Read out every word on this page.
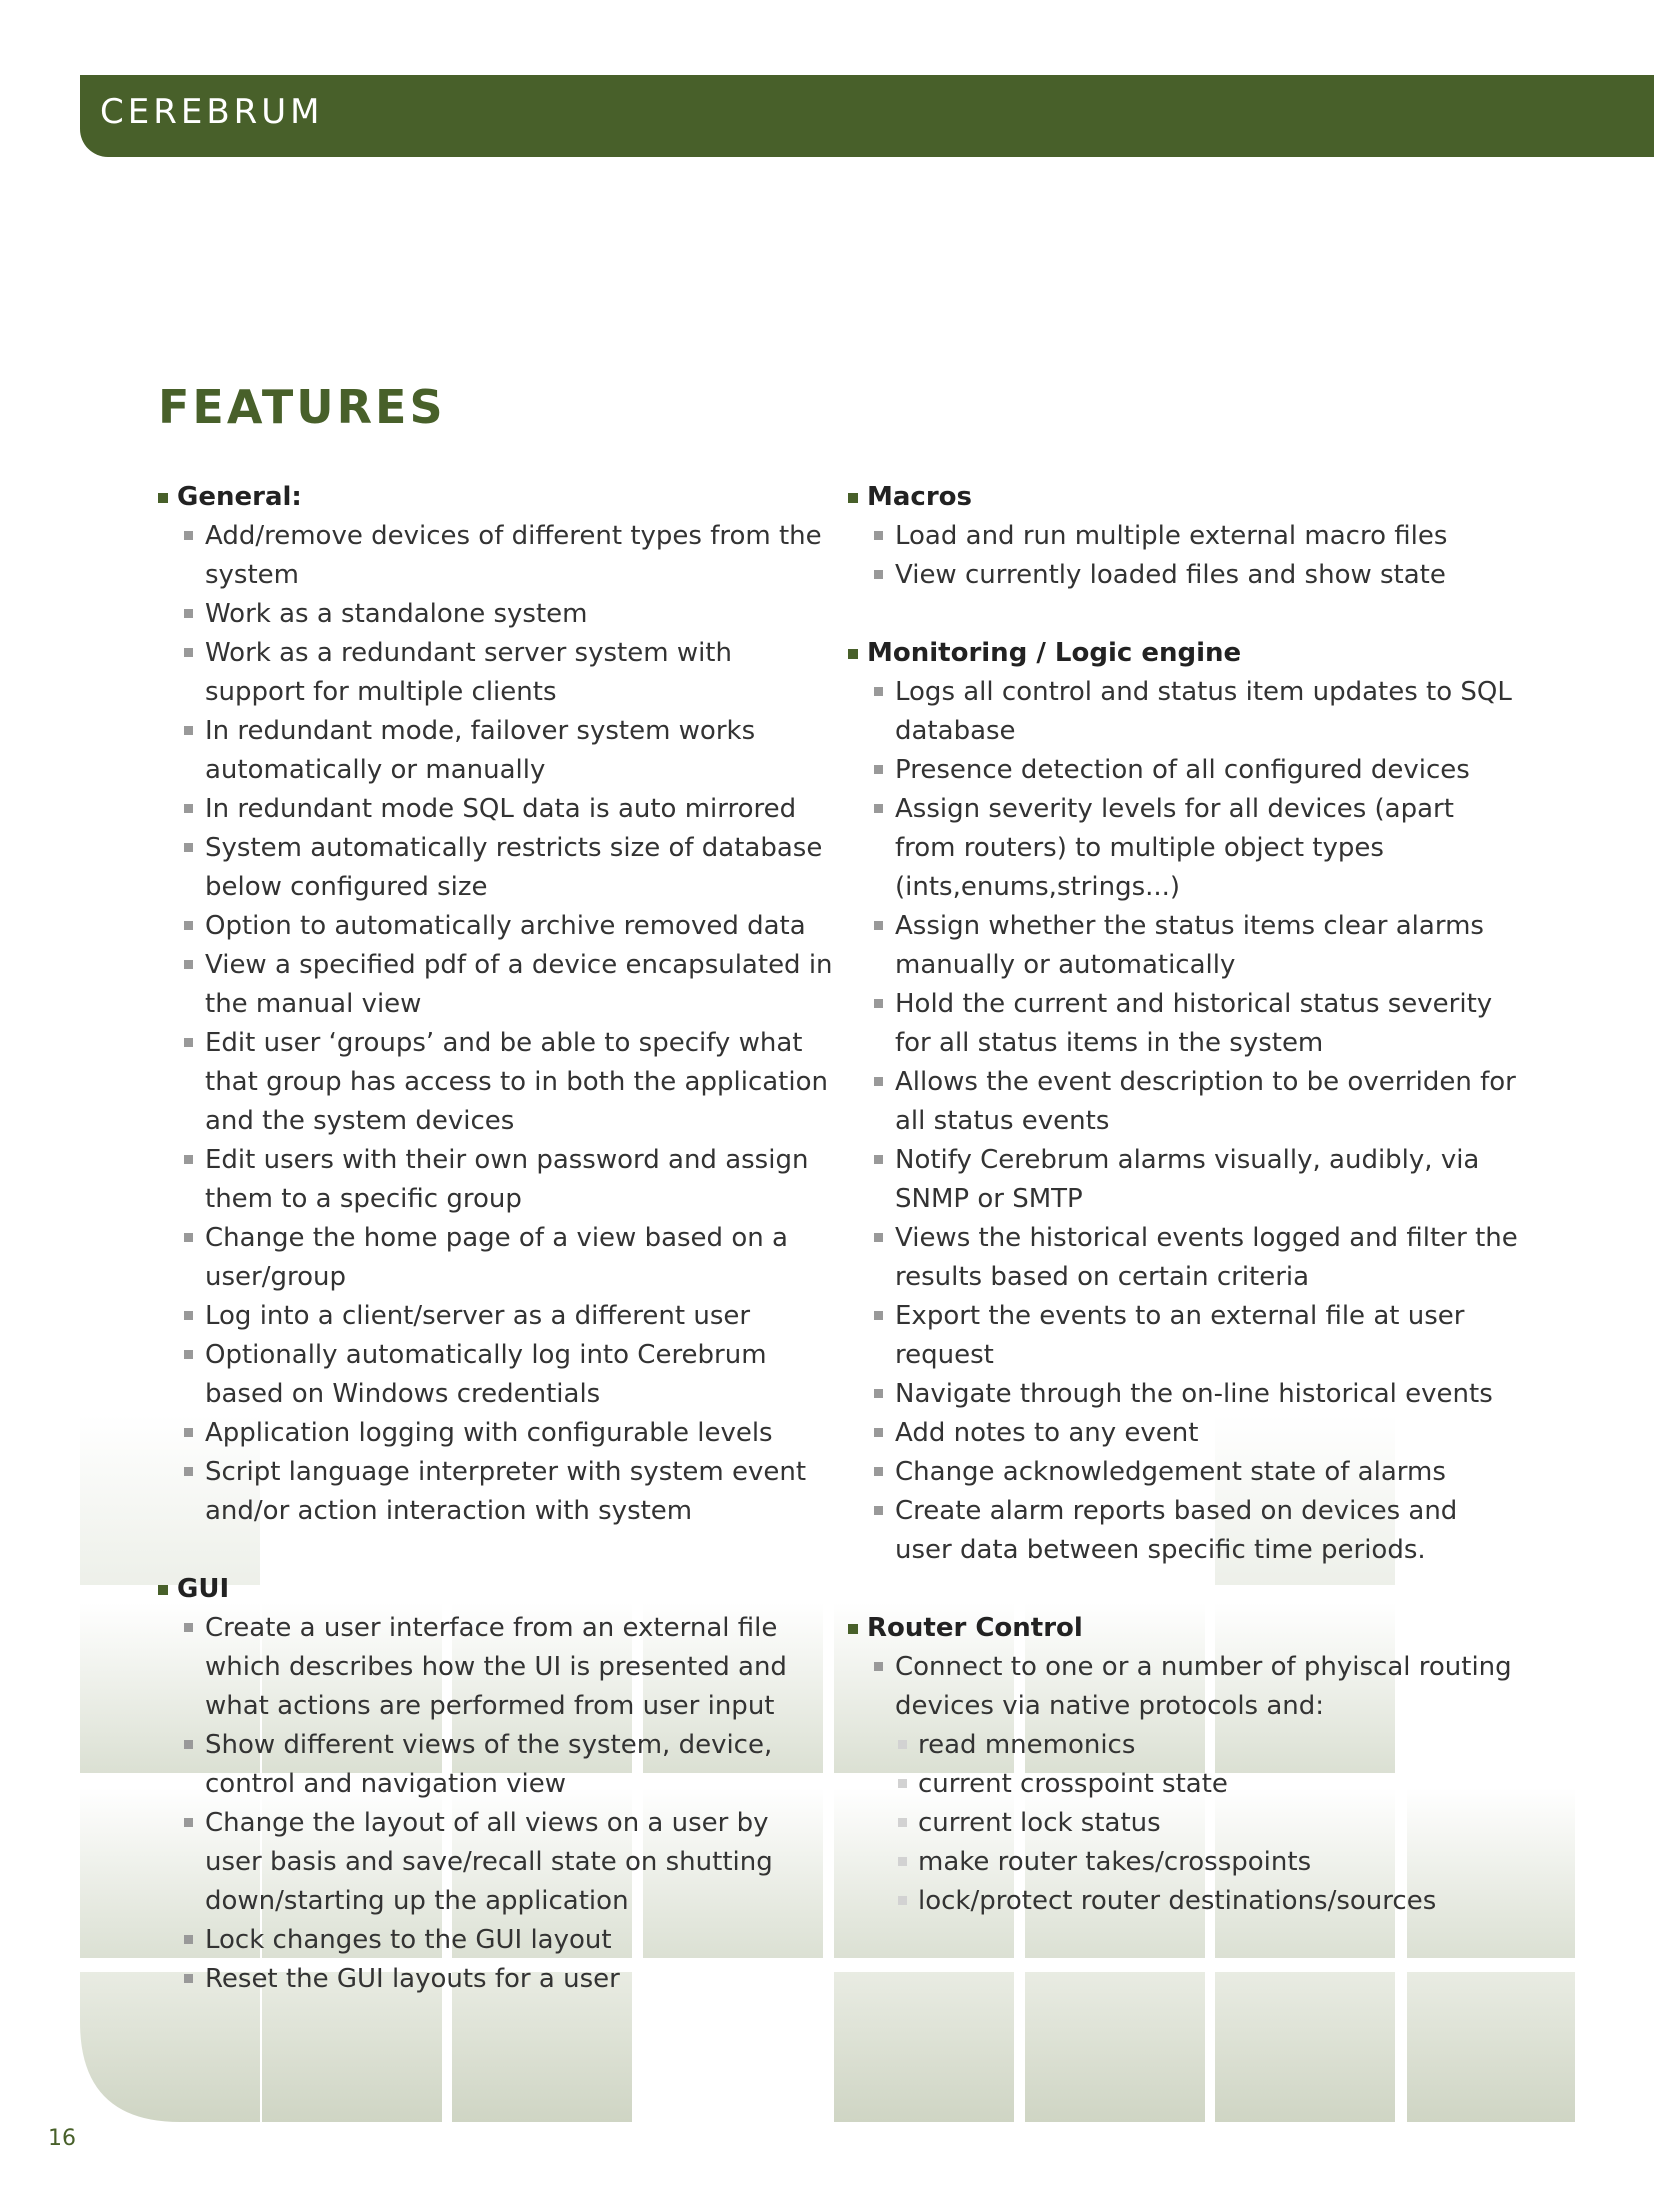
CEREBRUM
FEATURES
General:
Add/remove devices of different types from the
system
Work as a standalone system
Work as a redundant server system with
support for multiple clients
In redundant mode, failover system works
automatically or manually
In redundant mode SQL data is auto mirrored
System automatically restricts size of database
below configured size
Option to automatically archive removed data
View a specified pdf of a device encapsulated in
the manual view
Edit user ‘groups’ and be able to specify what
that group has access to in both the application
and the system devices
Edit users with their own password and assign
them to a specific group
Change the home page of a view based on a
user/group
Log into a client/server as a different user
Optionally automatically log into Cerebrum
based on Windows credentials
Application logging with configurable levels
Script language interpreter with system event
and/or action interaction with system
GUI
Create a user interface from an external file
which describes how the UI is presented and
what actions are performed from user input
Show different views of the system, device,
control and navigation view
Change the layout of all views on a user by
user basis and save/recall state on shutting
down/starting up the application
Lock changes to the GUI layout
Reset the GUI layouts for a user
Macros
Load and run multiple external macro files
View currently loaded files and show state
Monitoring / Logic engine
Logs all control and status item updates to SQL
database
Presence detection of all configured devices
Assign severity levels for all devices (apart
from routers) to multiple object types
(ints,enums,strings...)
Assign whether the status items clear alarms
manually or automatically
Hold the current and historical status severity
for all status items in the system
Allows the event description to be overriden for
all status events
Notify Cerebrum alarms visually, audibly, via
SNMP or SMTP
Views the historical events logged and filter the
results based on certain criteria
Export the events to an external file at user
request
Navigate through the on-line historical events
Add notes to any event
Change acknowledgement state of alarms
Create alarm reports based on devices and
user data between specific time periods.
Router Control
Connect to one or a number of phyiscal routing
devices via native protocols and:
read mnemonics
current crosspoint state
current lock status
make router takes/crosspoints
lock/protect router destinations/sources
16
